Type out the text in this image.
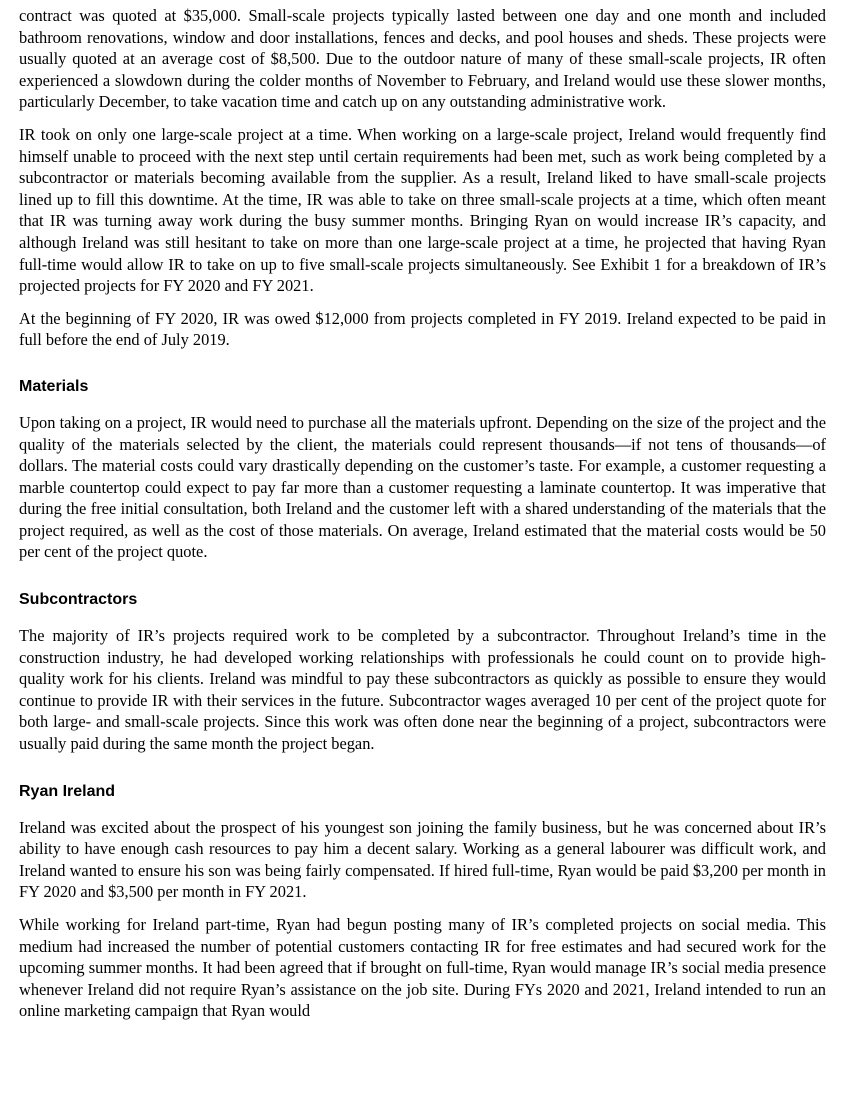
contract was quoted at $35,000. Small-scale projects typically lasted between one day and one month and included bathroom renovations, window and door installations, fences and decks, and pool houses and sheds. These projects were usually quoted at an average cost of $8,500. Due to the outdoor nature of many of these small-scale projects, IR often experienced a slowdown during the colder months of November to February, and Ireland would use these slower months, particularly December, to take vacation time and catch up on any outstanding administrative work.

IR took on only one large-scale project at a time. When working on a large-scale project, Ireland would frequently find himself unable to proceed with the next step until certain requirements had been met, such as work being completed by a subcontractor or materials becoming available from the supplier. As a result, Ireland liked to have small-scale projects lined up to fill this downtime. At the time, IR was able to take on three small-scale projects at a time, which often meant that IR was turning away work during the busy summer months. Bringing Ryan on would increase IR’s capacity, and although Ireland was still hesitant to take on more than one large-scale project at a time, he projected that having Ryan full-time would allow IR to take on up to five small-scale projects simultaneously. See Exhibit 1 for a breakdown of IR’s projected projects for FY 2020 and FY 2021.

At the beginning of FY 2020, IR was owed $12,000 from projects completed in FY 2019. Ireland expected to be paid in full before the end of July 2019.

Materials

Upon taking on a project, IR would need to purchase all the materials upfront. Depending on the size of the project and the quality of the materials selected by the client, the materials could represent thousands—if not tens of thousands—of dollars. The material costs could vary drastically depending on the customer’s taste. For example, a customer requesting a marble countertop could expect to pay far more than a customer requesting a laminate countertop. It was imperative that during the free initial consultation, both Ireland and the customer left with a shared understanding of the materials that the project required, as well as the cost of those materials. On average, Ireland estimated that the material costs would be 50 per cent of the project quote.

Subcontractors

The majority of IR’s projects required work to be completed by a subcontractor. Throughout Ireland’s time in the construction industry, he had developed working relationships with professionals he could count on to provide high-quality work for his clients. Ireland was mindful to pay these subcontractors as quickly as possible to ensure they would continue to provide IR with their services in the future. Subcontractor wages averaged 10 per cent of the project quote for both large- and small-scale projects. Since this work was often done near the beginning of a project, subcontractors were usually paid during the same month the project began.

Ryan Ireland

Ireland was excited about the prospect of his youngest son joining the family business, but he was concerned about IR’s ability to have enough cash resources to pay him a decent salary. Working as a general labourer was difficult work, and Ireland wanted to ensure his son was being fairly compensated. If hired full-time, Ryan would be paid $3,200 per month in FY 2020 and $3,500 per month in FY 2021.

While working for Ireland part-time, Ryan had begun posting many of IR’s completed projects on social media. This medium had increased the number of potential customers contacting IR for free estimates and had secured work for the upcoming summer months. It had been agreed that if brought on full-time, Ryan would manage IR’s social media presence whenever Ireland did not require Ryan’s assistance on the job site. During FYs 2020 and 2021, Ireland intended to run an online marketing campaign that Ryan would
